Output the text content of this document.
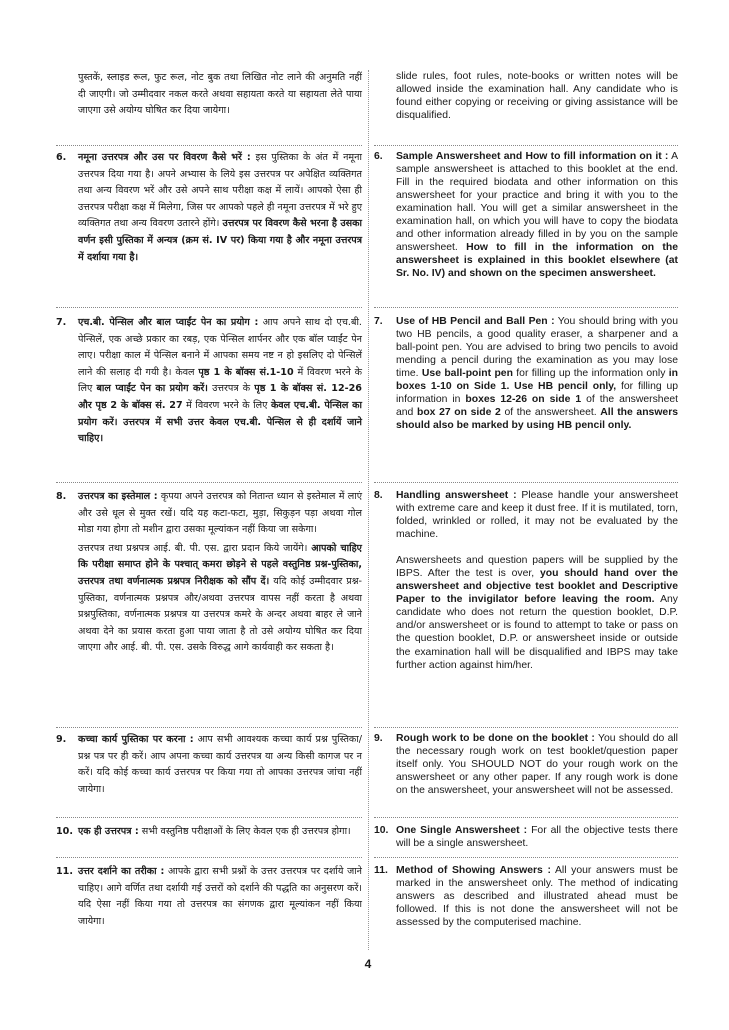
पुस्तकें, स्लाइड रूल, फुट रूल, नोट बुक तथा लिखित नोट लाने की अनुमति नहीं दी जाएगी। जो उम्मीदवार नकल करते अथवा सहायता करते या सहायता लेते पाया जाएगा उसे अयोग्य घोषित कर दिया जायेगा।

6.	नमूना उत्तरपत्र और उस पर विवरण कैसे भरें : इस पुस्तिका के अंत में नमूना उत्तरपत्र दिया गया है। अपने अभ्यास के लिये इस उत्तरपत्र पर अपेक्षित व्यक्तिगत तथा अन्य विवरण भरें और उसे अपने साथ परीक्षा कक्ष में लायें। आपको ऐसा ही उत्तरपत्र परीक्षा कक्ष में मिलेगा, जिस पर आपको पहले ही नमूना उत्तरपत्र में भरे हुए व्यक्तिगत तथा अन्य विवरण उतारने होंगे। उत्तरपत्र पर विवरण कैसे भरना है उसका वर्णन इसी पुस्तिका में अन्यत्र (क्रम सं. IV पर) किया गया है और नमूना उत्तरपत्र में दर्शाया गया है।

7.	एच.बी. पेन्सिल और बाल प्वाईंट पेन का प्रयोग : आप अपने साथ दो एच.बी. पेन्सिलें, एक अच्छे प्रकार का रबड़, एक पेन्सिल शार्पनर और एक बॉल प्वाईंट पेन लाए। परीक्षा काल में पेन्सिल बनाने में आपका समय नष्ट न हो इसलिए दो पेन्सिलें लाने की सलाह दी गयी है। केवल पृष्ठ 1 के बॉक्स सं.1-10 में विवरण भरने के लिए बाल प्वाईंट पेन का प्रयोग करें। उत्तरपत्र के पृष्ठ 1 के बॉक्स सं. 12-26 और पृष्ठ 2 के बॉक्स सं. 27 में विवरण भरने के लिए केवल एच.बी. पेन्सिल का प्रयोग करें। उत्तरपत्र में सभी उत्तर केवल एच.बी. पेन्सिल से ही दर्शायें जाने चाहिए।

8.	उत्तरपत्र का इस्तेमाल : कृपया अपने उत्तरपत्र को नितान्त ध्यान से इस्तेमाल में लाएं और उसे धूल से मुक्त रखें। यदि यह कटा-फटा, मुड़ा, सिकुड़न पड़ा अथवा गोल मोडा गया होगा तो मशीन द्वारा उसका मूल्यांकन नहीं किया जा सकेगा।

उत्तरपत्र तथा प्रश्नपत्र आई. बी. पी. एस. द्वारा प्रदान किये जायेंगे। आपको चाहिए कि परीक्षा समाप्त होने के पश्चात् कमरा छोड़ने से पहले वस्तुनिष्ठ प्रश्न-पुस्तिका, उत्तरपत्र तथा वर्णनात्मक प्रश्नपत्र निरीक्षक को सौंप दें। यदि कोई उम्मीदवार प्रश्न-पुस्तिका, वर्णनात्मक प्रश्नपत्र और/अथवा उत्तरपत्र वापस नहीं करता है अथवा प्रश्नपुस्तिका, वर्णनात्मक प्रश्नपत्र या उत्तरपत्र कमरे के अन्दर अथवा बाहर ले जाने अथवा देने का प्रयास करता हुआ पाया जाता है तो उसे अयोग्य घोषित कर दिया जाएगा और आई. बी. पी. एस. उसके विरुद्ध आगे कार्यवाही कर सकता है।

9.	कच्चा कार्य पुस्तिका पर करना : आप सभी आवश्यक कच्चा कार्य प्रश्न पुस्तिका/प्रश्न पत्र पर ही करें। आप अपना कच्चा कार्य उत्तरपत्र या अन्य किसी कागज पर न करें। यदि कोई कच्चा कार्य उत्तरपत्र पर किया गया तो आपका उत्तरपत्र जांचा नहीं जायेगा।

10. एक ही उत्तरपत्र : सभी वस्तुनिष्ठ परीक्षाओं के लिए केवल एक ही उत्तरपत्र होगा।

11. उत्तर दर्शाने का तरीका : आपके द्वारा सभी प्रश्नों के उत्तर उत्तरपत्र पर दर्शाये जाने चाहिए। आगे वर्णित तथा दर्शायी गई उत्तरों को दर्शाने की पद्धति का अनुसरण करें। यदि ऐसा नहीं किया गया तो उत्तरपत्र का संगणक द्वारा मूल्यांकन नहीं किया जायेगा।

slide rules, foot rules, note-books or written notes will be allowed inside the examination hall. Any candidate who is found either copying or receiving or giving assistance will be disqualified.

6.	Sample Answersheet and How to fill information on it : A sample answersheet is attached to this booklet at the end. Fill in the required biodata and other information on this answersheet for your practice and bring it with you to the examination hall. You will get a similar answersheet in the examination hall, on which you will have to copy the biodata and other information already filled in by you on the sample answersheet. How to fill in the information on the answersheet is explained in this booklet elsewhere (at Sr. No. IV) and shown on the specimen answersheet.

7.	Use of HB Pencil and Ball Pen : You should bring with you two HB pencils, a good quality eraser, a sharpener and a ball-point pen. You are advised to bring two pencils to avoid mending a pencil during the examination as you may lose time. Use ball-point pen for filling up the information only in boxes 1-10 on Side 1. Use HB pencil only, for filling up information in boxes 12-26 on side 1 of the answersheet and box 27 on side 2 of the answersheet. All the answers should also be marked by using HB pencil only.

8.	Handling answersheet : Please handle your answersheet with extreme care and keep it dust free. If it is mutilated, torn, folded, wrinkled or rolled, it may not be evaluated by the machine.

Answersheets and question papers will be supplied by the IBPS. After the test is over, you should hand over the answersheet and objective test booklet and Descriptive Paper to the invigilator before leaving the room. Any candidate who does not return the question booklet, D.P. and/or answersheet or is found to attempt to take or pass on the question booklet, D.P. or answersheet inside or outside the examination hall will be disqualified and IBPS may take further action against him/her.

9.	Rough work to be done on the booklet : You should do all the necessary rough work on test booklet/question paper itself only. You SHOULD NOT do your rough work on the answersheet or any other paper. If any rough work is done on the answersheet, your answersheet will not be assessed.

10. One Single Answersheet : For all the objective tests there will be a single answersheet.

11. Method of Showing Answers : All your answers must be marked in the answersheet only. The method of indicating answers as described and illustrated ahead must be followed. If this is not done the answersheet will not be assessed by the computerised machine.

4
